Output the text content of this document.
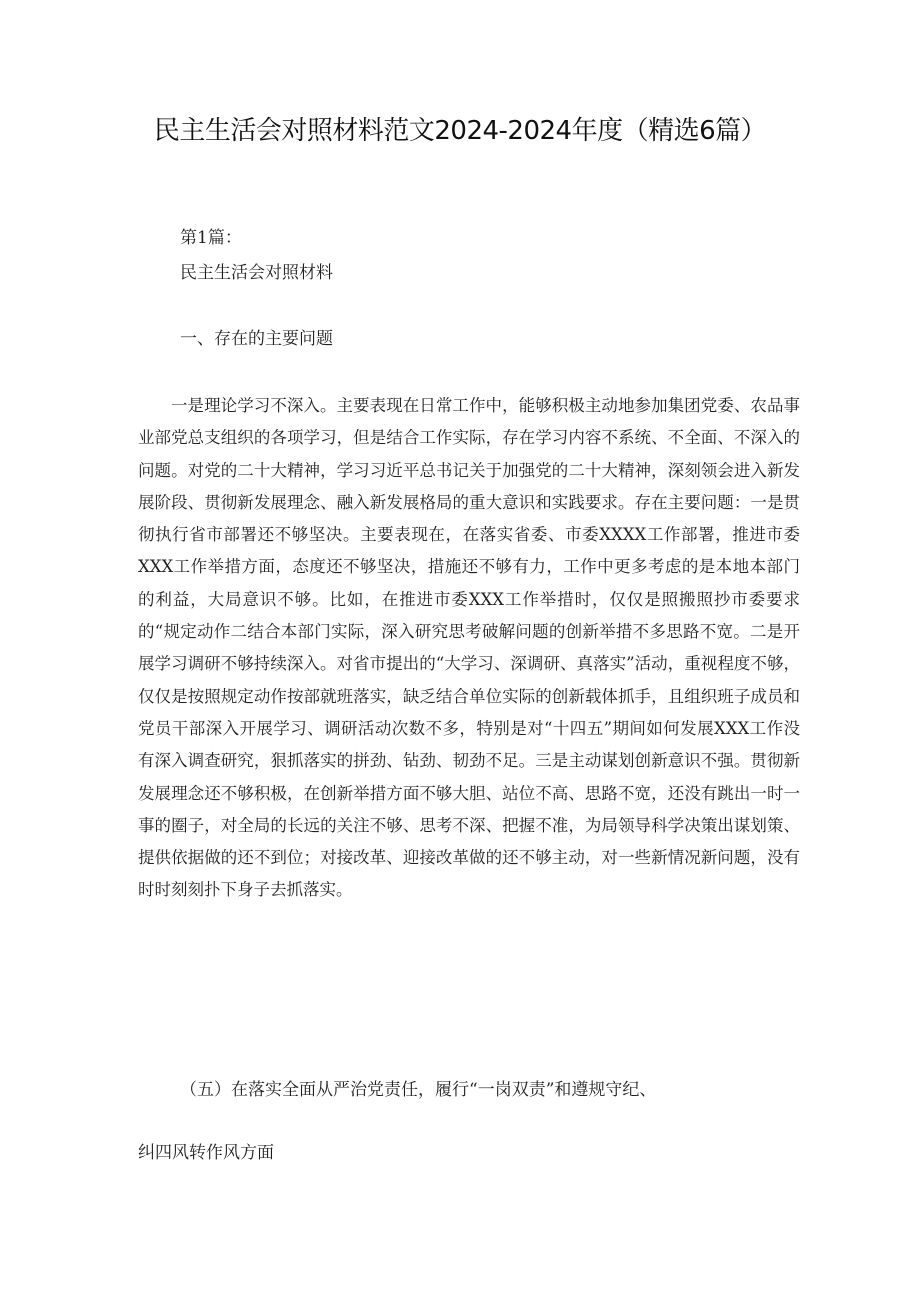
民主生活会对照材料范文2024-2024年度（精选6篇）
第1篇：
民主生活会对照材料
一、存在的主要问题
一是理论学习不深入。主要表现在日常工作中，能够积极主动地参加集团党委、农品事业部党总支组织的各项学习，但是结合工作实际，存在学习内容不系统、不全面、不深入的问题。对党的二十大精神，学习习近平总书记关于加强党的二十大精神，深刻领会进入新发展阶段、贯彻新发展理念、融入新发展格局的重大意识和实践要求。存在主要问题：一是贯彻执行省市部署还不够坚决。主要表现在，在落实省委、市委XXXX工作部署，推进市委XXX工作举措方面，态度还不够坚决，措施还不够有力，工作中更多考虑的是本地本部门的利益，大局意识不够。比如，在推进市委XXX工作举措时，仅仅是照搬照抄市委要求的“规定动作二结合本部门实际，深入研究思考破解问题的创新举措不多思路不宽。二是开展学习调研不够持续深入。对省市提出的“大学习、深调研、真落实”活动，重视程度不够，仅仅是按照规定动作按部就班落实，缺乏结合单位实际的创新载体抓手，且组织班子成员和党员干部深入开展学习、调研活动次数不多，特别是对“十四五”期间如何发展XXX工作没有深入调查研究，狠抓落实的拼劲、钻劲、韧劲不足。三是主动谋划创新意识不强。贯彻新发展理念还不够积极，在创新举措方面不够大胆、站位不高、思路不宽，还没有跳出一时一事的圈子，对全局的长远的关注不够、思考不深、把握不准，为局领导科学决策出谋划策、提供依据做的还不到位；对接改革、迎接改革做的还不够主动，对一些新情况新问题，没有时时刻刻扑下身子去抓落实。
（五）在落实全面从严治党责任，履行“一岗双责”和遵规守纪、
纠四风转作风方面
